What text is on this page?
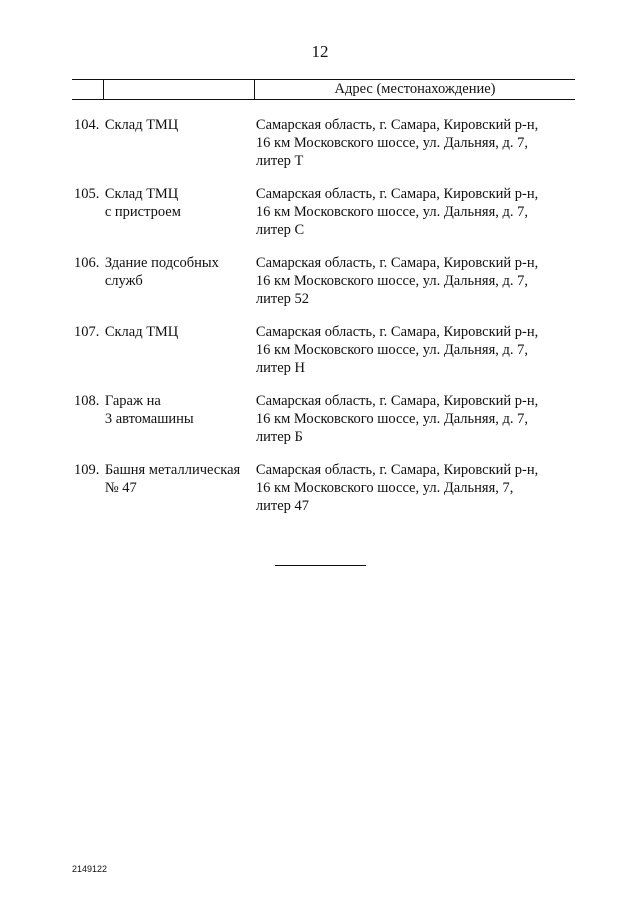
12
Адрес (местонахождение)
104. Склад ТМЦ	Самарская область, г. Самара, Кировский р-н,
16 км Московского шоссе, ул. Дальняя, д. 7,
литер Т
105. Склад ТМЦ
с пристроем
Самарская область, г. Самара, Кировский р-н,
16 км Московского шоссе, ул. Дальняя, д. 7,
литер С
106. Здание подсобных
служб
Самарская область, г. Самара, Кировский р-н,
16 км Московского шоссе, ул. Дальняя, д. 7,
литер 52
107. Склад ТМЦ	Самарская область, г. Самара, Кировский р-н,
16 км Московского шоссе, ул. Дальняя, д. 7,
литер Н
108. Гараж на
3 автомашины
Самарская область, г. Самара, Кировский р-н,
16 км Московского шоссе, ул. Дальняя, д. 7,
литер Б
109. Башня металлическая
№ 47
Самарская область, г. Самара, Кировский р-н,
16 км Московского шоссе, ул. Дальняя, 7,
литер 47
2149122
